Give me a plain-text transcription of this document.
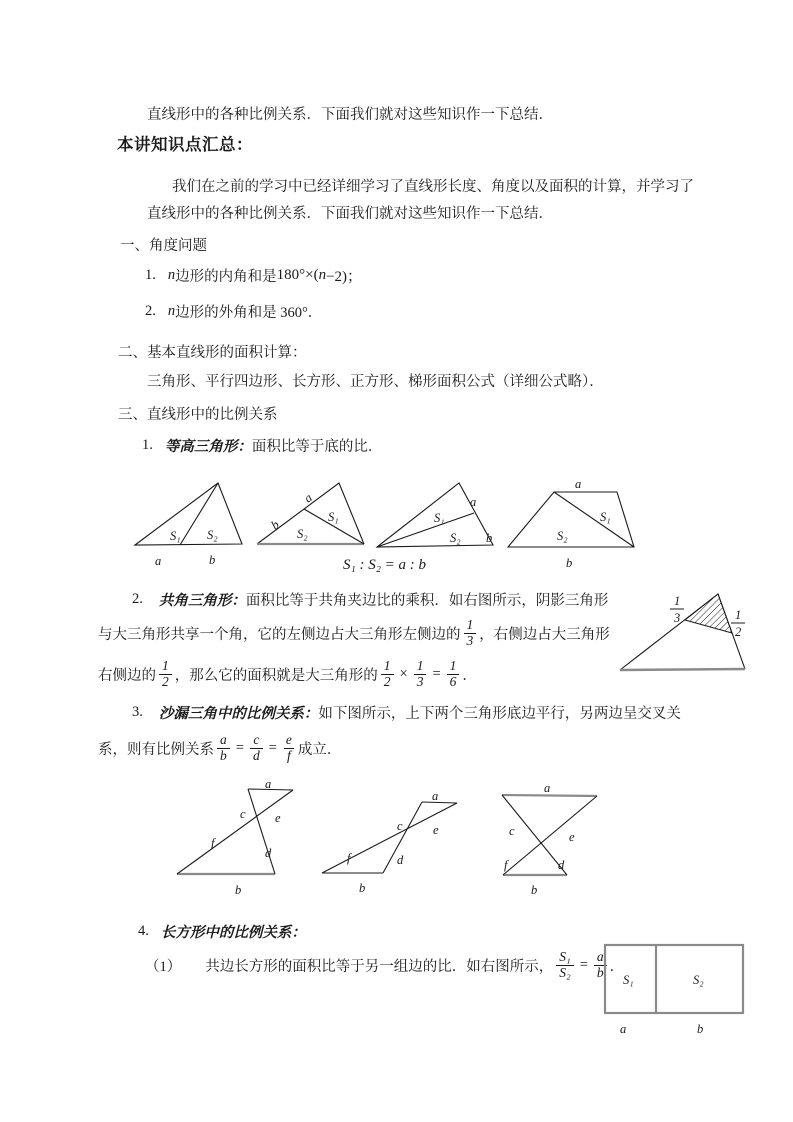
直线形中的各种比例关系．下面我们就对这些知识作一下总结．
本讲知识点汇总：
我们在之前的学习中已经详细学习了直线形长度、角度以及面积的计算，并学习了
直线形中的各种比例关系．下面我们就对这些知识作一下总结．
一、角度问题
1. n 边形的内角和是 180°×( n −2)；
2. n 边形的外角和是 360°．
二、基本直线形的面积计算：
三角形、平行四边形、长方形、正方形、梯形面积公式（详细公式略）．
三、直线形中的比例关系
1. 等高三角形： 面积比等于底的比．
S₁ S₂
a	b
a
b
S₁
S₂
a
b
S₁
S₂
a
S₁
S₂
b
S₁ : S₂ = a : b
2. 共角三角形： 面积比等于共角夹边比的乘积．如右图所示，阴影三角形
与大三角形共享一个角，它的左侧边占大三角形左侧边的 $\frac{1}{3}$ ，右侧边占大三角形
右侧边的 $\frac{1}{2}$ ，那么它的面积就是大三角形的 $\frac{1}{2} \times \frac{1}{3} = \frac{1}{6}$ ．
1
3	1
2
3. 沙漏三角中的比例关系： 如下图所示，上下两个三角形底边平行，另两边呈交叉关
系，则有比例关系 $\frac{a}{b} = \frac{c}{d} = \frac{e}{f}$ 成立．
a
c e
f
d
b
a
c e
f	d
b
a
c	e
f	d
b
4. 长方形中的比例关系：
（1） 共边长方形的面积比等于另一组边的比．如右图所示， $\frac{\text{S₁}}{\text{S₂}} = \frac{a}{b}$ ．
S₁	S₂
a	b
